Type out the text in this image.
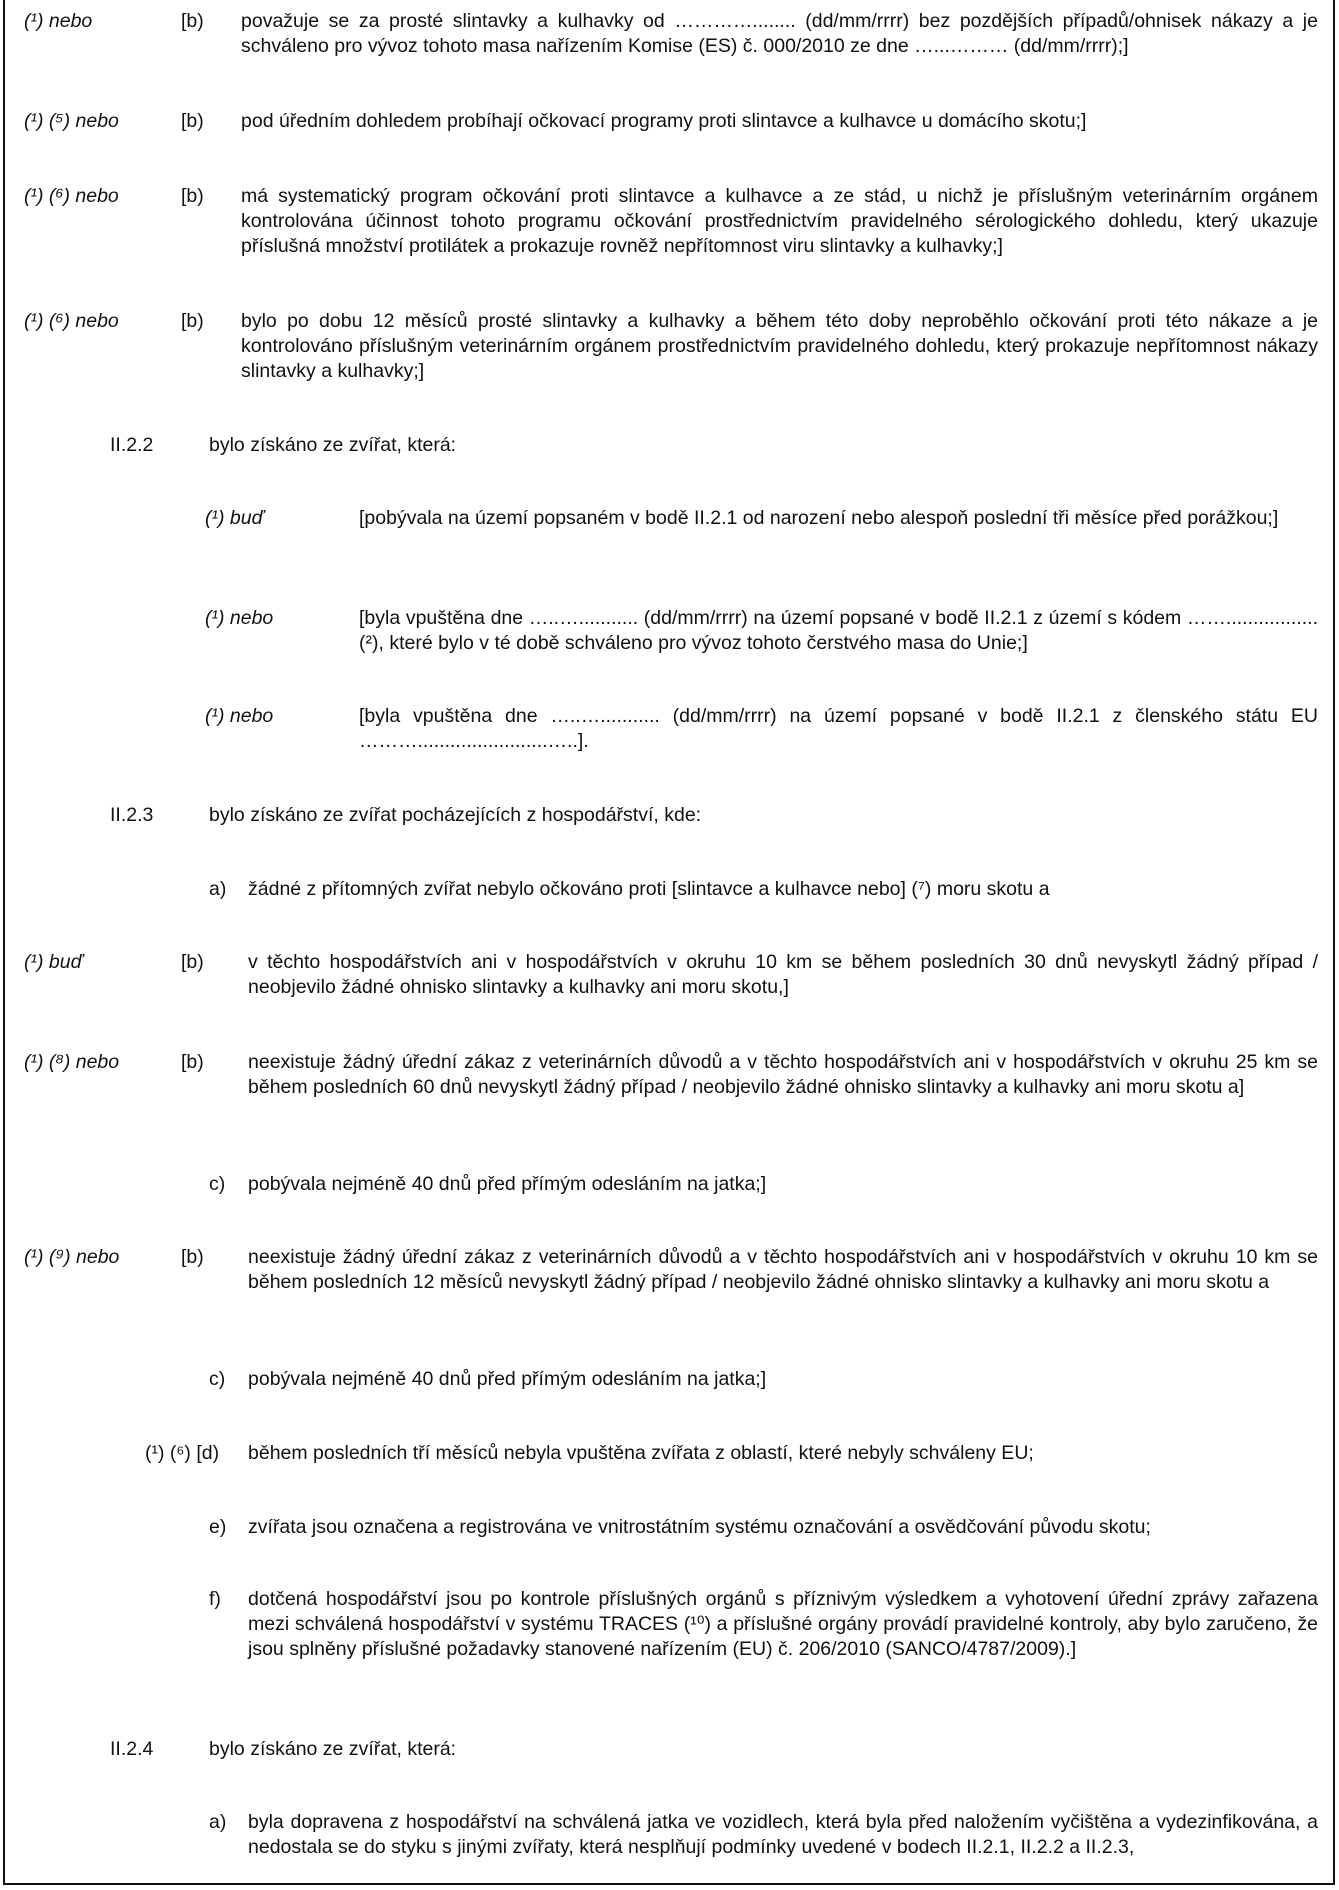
(¹) nebo	[b) považuje se za prosté slintavky a kulhavky od …………........ (dd/mm/rrrr) bez pozdějších případů/ohnisek nákazy a je schváleno pro vývoz tohoto masa nařízením Komise (ES) č. 000/2010 ze dne …...……… (dd/mm/rrrr);]
(¹) (⁵) nebo	[b) pod úředním dohledem probíhají očkovací programy proti slintavce a kulhavce u domácího skotu;]
(¹) (⁶) nebo	[b) má systematický program očkování proti slintavce a kulhavce a ze stád, u nichž je příslušným veterinárním orgánem kontrolována účinnost tohoto programu očkování prostřednictvím pravidelného sérologického dohledu, který ukazuje příslušná množství protilátek a prokazuje rovněž nepřítomnost viru slintavky a kulhavky;]
(¹) (⁶) nebo	[b) bylo po dobu 12 měsíců prosté slintavky a kulhavky a během této doby neproběhlo očkování proti této nákaze a je kontrolováno příslušným veterinárním orgánem prostřednictvím pravidelného dohledu, který prokazuje nepřítomnost nákazy slintavky a kulhavky;]
II.2.2	bylo získáno ze zvířat, která:
(¹) buď	[pobývala na území popsaném v bodě II.2.1 od narození nebo alespoň poslední tři měsíce před porážkou;]
(¹) nebo	[byla vpuštěna dne …..…........... (dd/mm/rrrr) na území popsané v bodě II.2.1 z území s kódem ……................. (²), které bylo v té době schváleno pro vývoz tohoto čerstvého masa do Unie;]
(¹) nebo	[byla vpuštěna dne …..…........... (dd/mm/rrrr) na území popsané v bodě II.2.1 z členského státu EU ………........................…..].
II.2.3	bylo získáno ze zvířat pocházejících z hospodářství, kde:
a) žádné z přítomných zvířat nebylo očkováno proti [slintavce a kulhavce nebo] (⁷) moru skotu a
(¹) buď	[b) v těchto hospodářstvích ani v hospodářstvích v okruhu 10 km se během posledních 30 dnů nevyskytl žádný případ / neobjevilo žádné ohnisko slintavky a kulhavky ani moru skotu,]
(¹) (⁸) nebo	[b) neexistuje žádný úřední zákaz z veterinárních důvodů a v těchto hospodářstvích ani v hospodářstvích v okruhu 25 km se během posledních 60 dnů nevyskytl žádný případ / neobjevilo žádné ohnisko slintavky a kulhavky ani moru skotu a]
c) pobývala nejméně 40 dnů před přímým odesláním na jatka;]
(¹) (⁹) nebo	[b) neexistuje žádný úřední zákaz z veterinárních důvodů a v těchto hospodářstvích ani v hospodářstvích v okruhu 10 km se během posledních 12 měsíců nevyskytl žádný případ / neobjevilo žádné ohnisko slintavky a kulhavky ani moru skotu a
c) pobývala nejméně 40 dnů před přímým odesláním na jatka;]
(¹) (⁶) [d) během posledních tří měsíců nebyla vpuštěna zvířata z oblastí, které nebyly schváleny EU;
e) zvířata jsou označena a registrována ve vnitrostátním systému označování a osvědčování původu skotu;
f) dotčená hospodářství jsou po kontrole příslušných orgánů s příznivým výsledkem a vyhotovení úřední zprávy zařazena mezi schválená hospodářství v systému TRACES (¹⁰) a příslušné orgány provádí pravidelné kontroly, aby bylo zaručeno, že jsou splněny příslušné požadavky stanovené nařízením (EU) č. 206/2010 (SANCO/4787/2009).]
II.2.4	bylo získáno ze zvířat, která:
a) byla dopravena z hospodářství na schválená jatka ve vozidlech, která byla před naložením vyčištěna a vydezinfikována, a nedostala se do styku s jinými zvířaty, která nesplňují podmínky uvedené v bodech II.2.1, II.2.2 a II.2.3,
